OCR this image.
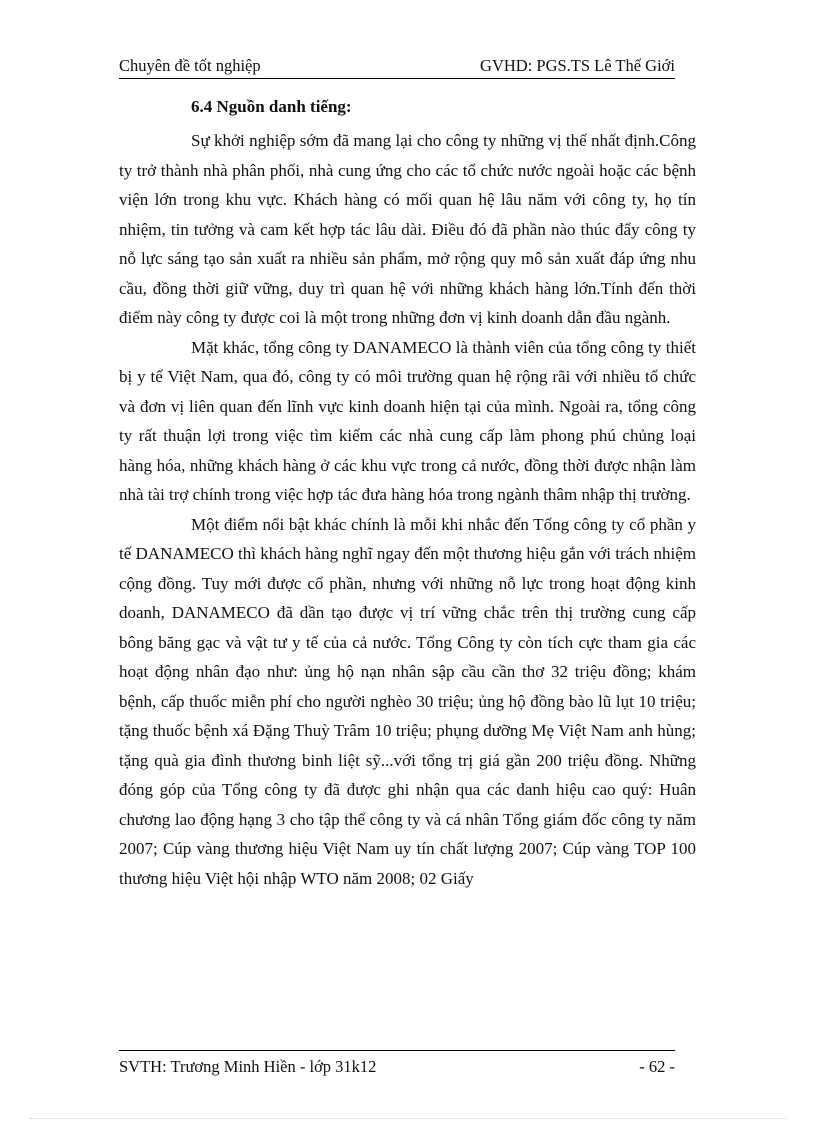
Chuyên đề tốt nghiệp	GVHD: PGS.TS Lê Thế Giới
6.4 Nguồn danh tiếng:

Sự khởi nghiệp sớm đã mang lại cho công ty những vị thế nhất định.Công ty trở thành nhà phân phối, nhà cung ứng cho các tổ chức nước ngoài hoặc các bệnh viện lớn trong khu vực. Khách hàng có mối quan hệ lâu năm với công ty, họ tín nhiệm, tin tưởng và cam kết hợp tác lâu dài. Điều đó đã phần nào thúc đẩy công ty nỗ lực sáng tạo sản xuất ra nhiều sản phẩm, mở rộng quy mô sản xuất đáp ứng nhu cầu, đồng thời giữ vững, duy trì quan hệ với những khách hàng lớn.Tính đến thời điểm này công ty được coi là một trong những đơn vị kinh doanh dẫn đầu ngành.

Mặt khác, tổng công ty DANAMECO là thành viên của tổng công ty thiết bị y tế Việt Nam, qua đó, công ty có môi trường quan hệ rộng rãi với nhiều tổ chức và đơn vị liên quan đến lĩnh vực kinh doanh hiện tại của mình. Ngoài ra, tổng công ty rất thuận lợi trong việc tìm kiếm các nhà cung cấp làm phong phú chủng loại hàng hóa, những khách hàng ở các khu vực trong cả nước, đồng thời được nhận làm nhà tài trợ chính trong việc hợp tác đưa hàng hóa trong ngành thâm nhập thị trường.

Một điểm nổi bật khác chính là mỗi khi nhắc đến Tổng công ty cổ phần y tế DANAMECO thì khách hàng nghĩ ngay đến một thương hiệu gắn với trách nhiệm cộng đồng. Tuy mới được cổ phần, nhưng với những nỗ lực trong hoạt động kinh doanh, DANAMECO đã dần tạo được vị trí vững chắc trên thị trường cung cấp bông băng gạc và vật tư y tế của cả nước. Tổng Công ty còn tích cực tham gia các hoạt động nhân đạo như: ủng hộ nạn nhân sập cầu cần thơ 32 triệu đồng; khám bệnh, cấp thuốc miễn phí cho người nghèo 30 triệu; ủng hộ đồng bào lũ lụt 10 triệu; tặng thuốc bệnh xá Đặng Thuỳ Trâm 10 triệu; phụng dưỡng Mẹ Việt Nam anh hùng; tặng quà gia đình thương binh liệt sỹ...với tổng trị giá gần 200 triệu đồng. Những đóng góp của Tổng công ty đã được ghi nhận qua các danh hiệu cao quý: Huân chương lao động hạng 3 cho tập thể công ty và cá nhân Tổng giám đốc công ty năm 2007; Cúp vàng thương hiệu Việt Nam uy tín chất lượng 2007; Cúp vàng TOP 100 thương hiệu Việt hội nhập WTO năm 2008; 02 Giấy

SVTH: Trương Minh Hiền - lớp 31k12	- 62 -
